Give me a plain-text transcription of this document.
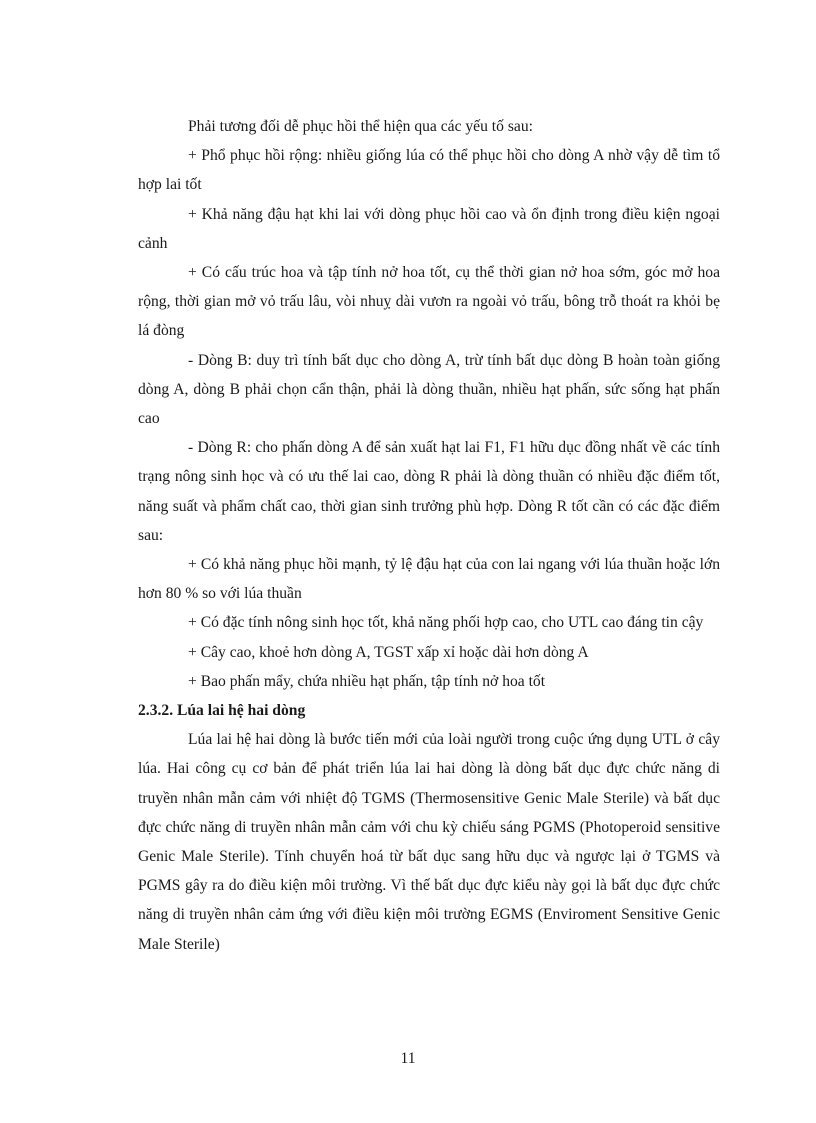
Phải tương đối dễ phục hồi thể hiện qua các yếu tố sau:

+ Phổ phục hồi rộng: nhiều giống lúa có thể phục hồi cho dòng A nhờ vậy dễ tìm tổ hợp lai tốt

+ Khả năng đậu hạt khi lai với dòng phục hồi cao và ổn định trong điều kiện ngoại cảnh

+ Có cấu trúc hoa và tập tính nở hoa tốt, cụ thể thời gian nở hoa sớm, góc mở hoa rộng, thời gian mở vỏ trấu lâu, vòi nhuỵ dài vươn ra ngoài vỏ trấu, bông trỗ thoát ra khỏi bẹ lá đòng

- Dòng B: duy trì tính bất dục cho dòng A, trừ tính bất dục dòng B hoàn toàn giống dòng A, dòng B phải chọn cẩn thận, phải là dòng thuần, nhiều hạt phấn, sức sống hạt phấn cao

- Dòng R: cho phấn dòng A để sản xuất hạt lai F1, F1 hữu dục đồng nhất về các tính trạng nông sinh học và có ưu thế lai cao, dòng R phải là dòng thuần có nhiều đặc điểm tốt, năng suất và phẩm chất cao, thời gian sinh trưởng phù hợp. Dòng R tốt cần có các đặc điểm sau:

+ Có khả năng phục hồi mạnh, tỷ lệ đậu hạt của con lai ngang với lúa thuần hoặc lớn hơn 80 % so với lúa thuần

+ Có đặc tính nông sinh học tốt, khả năng phối hợp cao, cho UTL cao đáng tin cậy

+ Cây cao, khoẻ hơn dòng A, TGST xấp xỉ hoặc dài hơn dòng A

+ Bao phấn mẩy, chứa nhiều hạt phấn, tập tính nở hoa tốt

2.3.2. Lúa lai hệ hai dòng

Lúa lai hệ hai dòng là bước tiến mới của loài người trong cuộc ứng dụng UTL ở cây lúa. Hai công cụ cơ bản để phát triển lúa lai hai dòng là dòng bất dục đực chức năng di truyền nhân mẫn cảm với nhiệt độ TGMS (Thermosensitive Genic Male Sterile) và bất dục đực chức năng di truyền nhân mẫn cảm với chu kỳ chiếu sáng PGMS (Photoperoid sensitive Genic Male Sterile). Tính chuyển hoá từ bất dục sang hữu dục và ngược lại ở TGMS và PGMS gây ra do điều kiện môi trường. Vì thế bất dục đực kiểu này gọi là bất dục đực chức năng di truyền nhân cảm ứng với điều kiện môi trường EGMS (Enviroment Sensitive Genic Male Sterile)

11
